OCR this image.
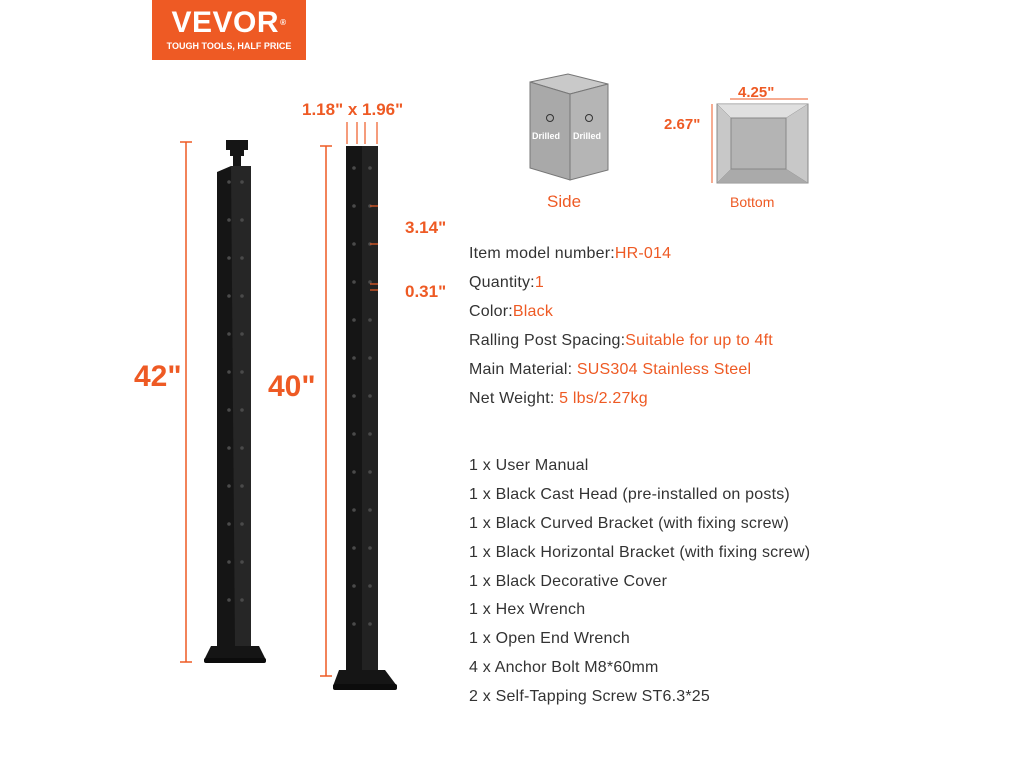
VEVOR®
TOUGH TOOLS, HALF PRICE
42"	40"
1.18" x 1.96"
3.14"
0.31"
4.25"
2.67"
Drilled Drilled
Side	Bottom
Item model number:HR-014
Quantity:1
Color:Black
Ralling Post Spacing:Suitable for up to 4ft
Main Material: SUS304 Stainless Steel
Net Weight: 5 lbs/2.27kg
1 x User Manual
1 x Black Cast Head (pre-installed on posts)
1 x Black Curved Bracket (with fixing screw)
1 x Black Horizontal Bracket (with fixing screw)
1 x Black Decorative Cover
1 x Hex Wrench
1 x Open End Wrench
4 x Anchor Bolt M8*60mm
2 x Self-Tapping Screw ST6.3*25
